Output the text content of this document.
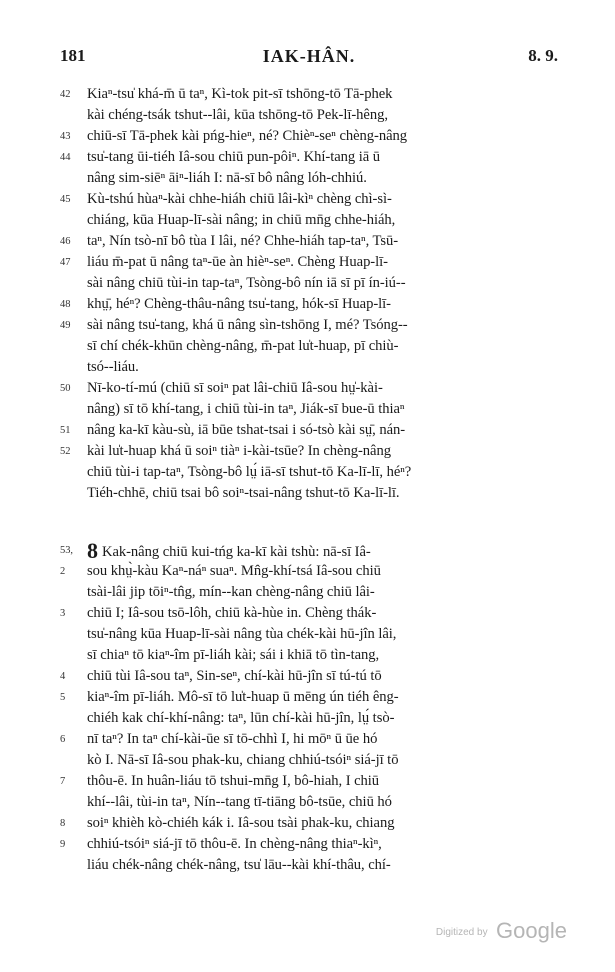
181	IAK-HÂN.	8. 9.
42	Kiaⁿ-tsu̍ khá-m̄ ū taⁿ, Kì-tok pit-sī tshōng-tō Tā-phek
kài chéng-tsák tshut--lâi, kūa tshōng-tō Pek-lī-hêng,
43	chiū-sī Tā-phek kài pńg-hieⁿ, né? Chièⁿ-seⁿ chèng-nâng
44	tsu̍-tang ūi-tiéh Iâ-sou chiū pun-pôiⁿ. Khí-tang iā ū
nâng sim-siēⁿ āiⁿ-liáh I: nā-sī bô nâng lóh-chhiú.
45	Kù-tshú hùaⁿ-kài chhe-hiáh chiū lâi-kìⁿ chèng chì-sì-
chiáng, kūa Huap-lī-sài nâng; in chiū mn̄g chhe-hiáh,
46	taⁿ, Nín tsò-nī bô tùa I lâi, né? Chhe-hiáh tap-taⁿ, Tsū-
47	liáu m̄-pat ū nâng taⁿ-ūe àn hièⁿ-seⁿ. Chèng Huap-lī-
sài nâng chiū tùi-in tap-taⁿ, Tsòng-bô nín iā sī pī ín-iú--
48	khṳ̄, héⁿ? Chèng-thâu-nâng tsu̍-tang, hók-sī Huap-lī-
49	sài nâng tsu̍-tang, khá ū nâng sìn-tshōng I, mé? Tsóng--
sī chí chék-khūn chèng-nâng, m̄-pat lu̍t-huap, pī chiù-
tsó--liáu.
50	Nī-ko-tí-mú (chiū sī soiⁿ pat lâi-chiū Iâ-sou hṳ̍-kài-
nâng) sī tō khí-tang, i chiū tùi-in taⁿ, Jiák-sī bue-ū thiaⁿ
51	nâng ka-kī kàu-sù, iā būe tshat-tsai i só-tsò kài sṳ̄, nán-
52	kài lu̍t-huap khá ū soiⁿ tiàⁿ i-kài-tsūe? In chèng-nâng
chiū tùi-i tap-taⁿ, Tsòng-bô lṳ́ iā-sī tshut-tō Ka-lī-lī, héⁿ?
Tiéh-chhē, chiū tsai bô soiⁿ-tsai-nâng tshut-tō Ka-lī-lī.
53, 8 Kak-nâng chiū kui-tńg ka-kī kài tshù: nā-sī Iâ-
2	sou khṳ̀-kàu Kaⁿ-náⁿ suaⁿ. Mn̂g-khí-tsá Iâ-sou chiū
tsài-lâi jip tōiⁿ-tn̂g, mín--kan chèng-nâng chiū lâi-
3	chiū I; Iâ-sou tsō-lôh, chiū kà-hùe in. Chèng thák-
tsu̍-nâng kūa Huap-lī-sài nâng tùa chék-kài hū-jîn lâi,
sī chiaⁿ tō kiaⁿ-îm pī-liáh kài; sái i khiā tō tìn-tang,
4	chiū tùi Iâ-sou taⁿ, Sin-seⁿ, chí-kài hū-jîn sī tú-tú tō
5	kiaⁿ-îm pī-liáh. Mô-sī tō lu̍t-huap ū mēng ún tiéh êng-
chiéh kak chí-khí-nâng: taⁿ, lūn chí-kài hū-jîn, lṳ́ tsò-
6	nī taⁿ? In taⁿ chí-kài-ūe sī tō-chhì I, hi mōⁿ ū ūe hó
kò I. Nā-sī Iâ-sou phak-ku, chiang chhiú-tsóiⁿ siá-jī tō
7	thôu-ē. In huân-liáu tō tshui-mn̄g I, bô-hiah, I chiū
khí--lâi, tùi-in taⁿ, Nín--tang tī-tiāng bô-tsūe, chiū hó
8	soiⁿ khièh kò-chiéh kák i. Iâ-sou tsài phak-ku, chiang
9	chhiú-tsóiⁿ siá-jī tō thôu-ē. In chèng-nâng thiaⁿ-kìⁿ,
liáu chék-nâng chék-nâng, tsu̍ lāu--kài khí-thâu, chí-
Digitized by Google
